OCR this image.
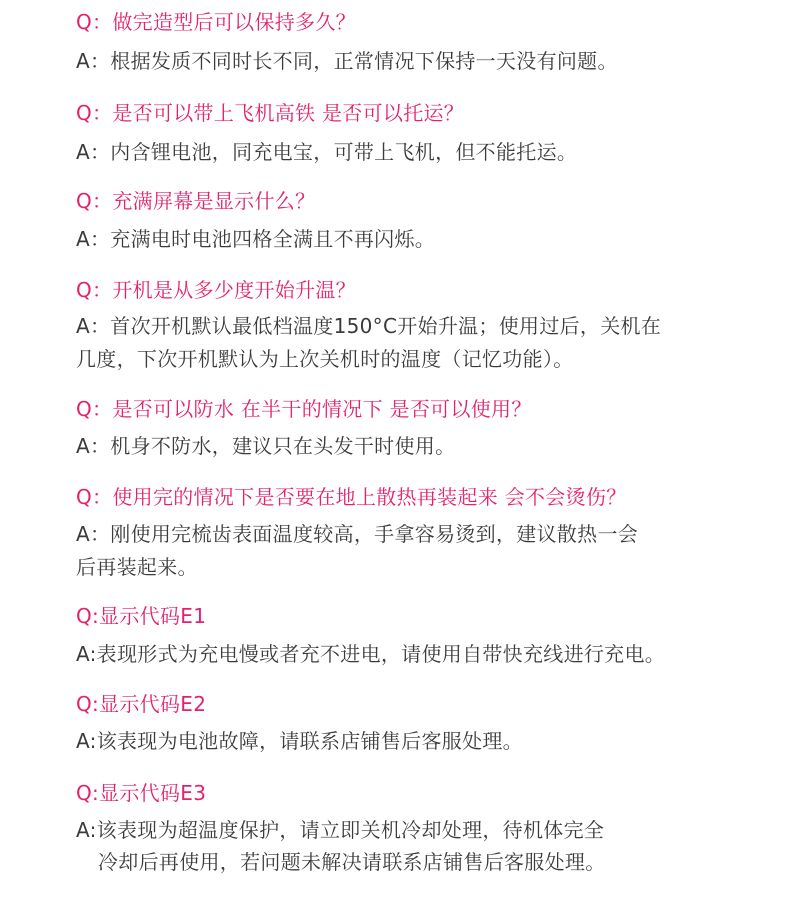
Q：做完造型后可以保持多久？
A：根据发质不同时长不同，正常情况下保持一天没有问题。
Q：是否可以带上飞机高铁 是否可以托运？
A：内含锂电池，同充电宝，可带上飞机，但不能托运。
Q：充满屏幕是显示什么？
A：充满电时电池四格全满且不再闪烁。
Q：开机是从多少度开始升温？
A：首次开机默认最低档温度150°C开始升温；使用过后，关机在
几度，下次开机默认为上次关机时的温度（记忆功能）。
Q：是否可以防水 在半干的情况下 是否可以使用？
A：机身不防水，建议只在头发干时使用。
Q：使用完的情况下是否要在地上散热再装起来 会不会烫伤？
A：刚使用完梳齿表面温度较高，手拿容易烫到，建议散热一会
后再装起来。
Q:显示代码E1
A:表现形式为充电慢或者充不进电，请使用自带快充线进行充电。
Q:显示代码E2
A:该表现为电池故障，请联系店铺售后客服处理。
Q:显示代码E3
A:该表现为超温度保护，请立即关机冷却处理，待机体完全
冷却后再使用，若问题未解决请联系店铺售后客服处理。
